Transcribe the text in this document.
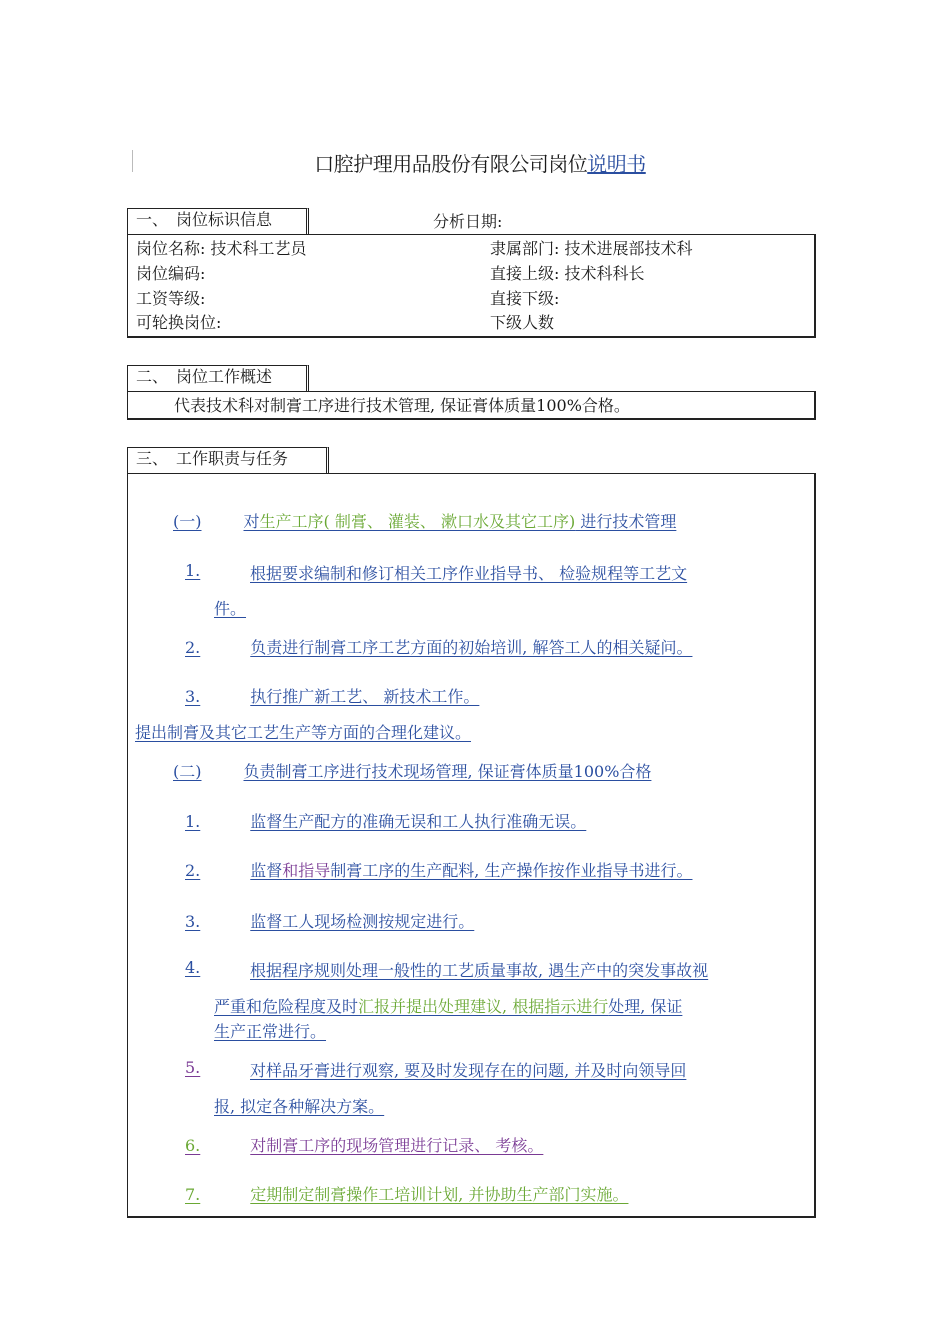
口腔护理用品股份有限公司岗位说明书
一、　岗位标识信息	分析日期:
岗位名称: 技术科工艺员	隶属部门: 技术进展部技术科
岗位编码:	直接上级: 技术科科长
工资等级:	直接下级:
可轮换岗位:	下级人数
二、　岗位工作概述
代表技术科对制膏工序进行技术管理, 保证膏体质量100%合格。
三、　工作职责与任务
(一)	对生产工序( 制膏、 灌装、 漱口水及其它工序) 进行技术管理
1.	根据要求编制和修订相关工序作业指导书、 检验规程等工艺文
件。
2.	负责进行制膏工序工艺方面的初始培训, 解答工人的相关疑问。
3.	执行推广新工艺、 新技术工作。
提出制膏及其它工艺生产等方面的合理化建议。
(二)	负责制膏工序进行技术现场管理, 保证膏体质量100%合格
1.	监督生产配方的准确无误和工人执行准确无误。
2.	监督和指导制膏工序的生产配料, 生产操作按作业指导书进行。
3.	监督工人现场检测按规定进行。
4.	根据程序规则处理一般性的工艺质量事故, 遇生产中的突发事故视
严重和危险程度及时汇报并提出处理建议, 根据指示进行处理, 保证
生产正常进行。
5.	对样品牙膏进行观察, 要及时发现存在的问题, 并及时向领导回
报, 拟定各种解决方案。
6.	对制膏工序的现场管理进行记录、 考核。
7.	定期制定制膏操作工培训计划, 并协助生产部门实施。
